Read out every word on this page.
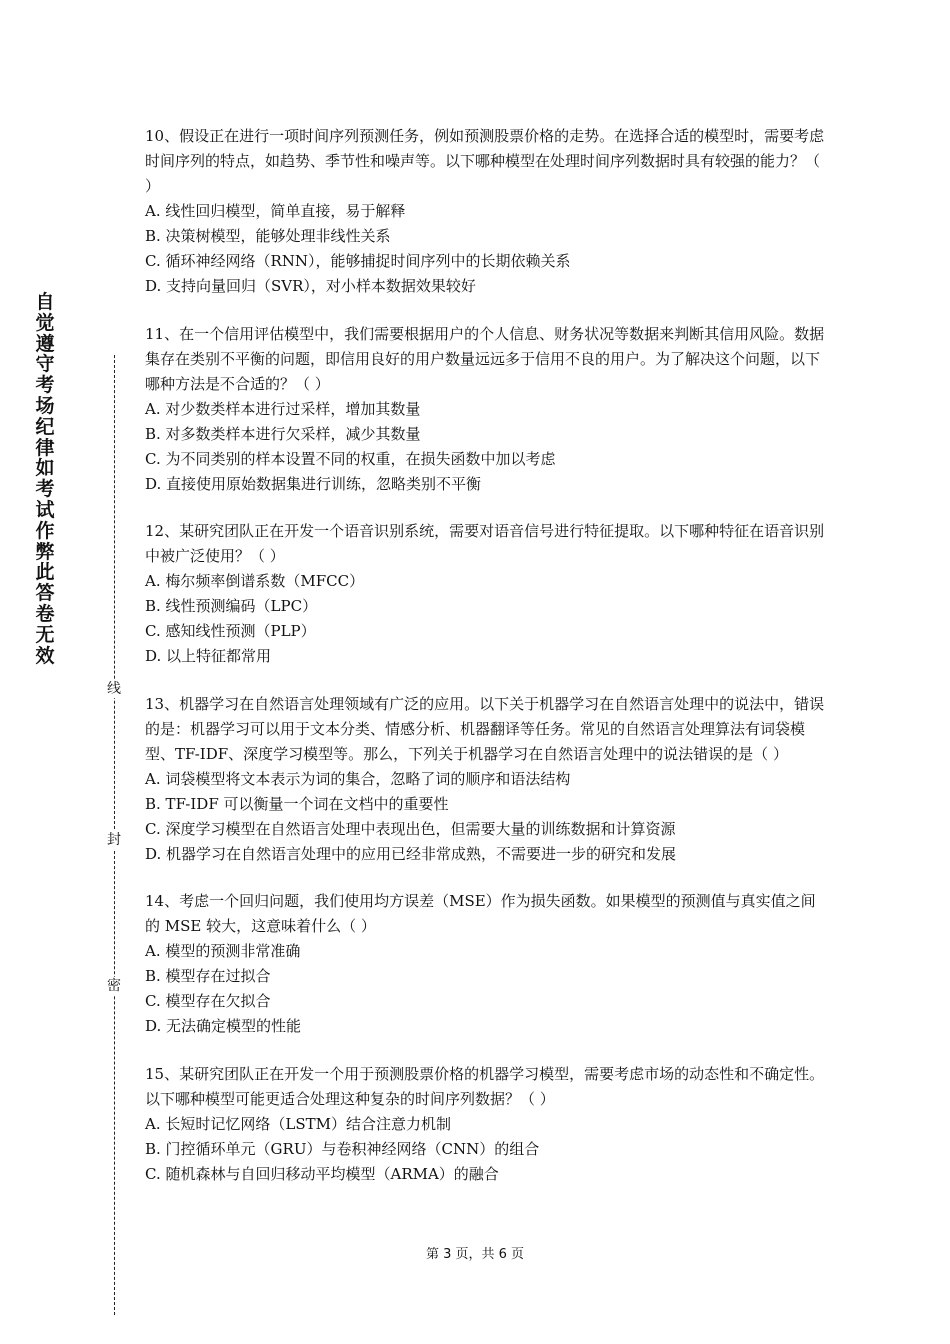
自
觉
遵
守
考
场
纪
律
如
考
试
作
弊
此
答
卷
无
效
线
封
密

10、假设正在进行一项时间序列预测任务，例如预测股票价格的走势。在选择合适的模型时，需要考虑时间序列的特点，如趋势、季节性和噪声等。以下哪种模型在处理时间序列数据时具有较强的能力？（ ）

A. 线性回归模型，简单直接，易于解释

B. 决策树模型，能够处理非线性关系

C. 循环神经网络（RNN），能够捕捉时间序列中的长期依赖关系

D. 支持向量回归（SVR），对小样本数据效果较好

11、在一个信用评估模型中，我们需要根据用户的个人信息、财务状况等数据来判断其信用风险。数据集存在类别不平衡的问题，即信用良好的用户数量远远多于信用不良的用户。为了解决这个问题，以下哪种方法是不合适的？（ ）

A. 对少数类样本进行过采样，增加其数量

B. 对多数类样本进行欠采样，减少其数量

C. 为不同类别的样本设置不同的权重，在损失函数中加以考虑

D. 直接使用原始数据集进行训练，忽略类别不平衡

12、某研究团队正在开发一个语音识别系统，需要对语音信号进行特征提取。以下哪种特征在语音识别中被广泛使用？（ ）

A. 梅尔频率倒谱系数（MFCC）

B. 线性预测编码（LPC）

C. 感知线性预测（PLP）

D. 以上特征都常用

13、机器学习在自然语言处理领域有广泛的应用。以下关于机器学习在自然语言处理中的说法中，错误的是：机器学习可以用于文本分类、情感分析、机器翻译等任务。常见的自然语言处理算法有词袋模型、TF-IDF、深度学习模型等。那么，下列关于机器学习在自然语言处理中的说法错误的是（ ）

A. 词袋模型将文本表示为词的集合，忽略了词的顺序和语法结构

B. TF-IDF 可以衡量一个词在文档中的重要性

C. 深度学习模型在自然语言处理中表现出色，但需要大量的训练数据和计算资源

D. 机器学习在自然语言处理中的应用已经非常成熟，不需要进一步的研究和发展

14、考虑一个回归问题，我们使用均方误差（MSE）作为损失函数。如果模型的预测值与真实值之间的 MSE 较大，这意味着什么（ ）

A. 模型的预测非常准确

B. 模型存在过拟合

C. 模型存在欠拟合

D. 无法确定模型的性能

15、某研究团队正在开发一个用于预测股票价格的机器学习模型，需要考虑市场的动态性和不确定性。以下哪种模型可能更适合处理这种复杂的时间序列数据？（ ）

A. 长短时记忆网络（LSTM）结合注意力机制

B. 门控循环单元（GRU）与卷积神经网络（CNN）的组合

C. 随机森林与自回归移动平均模型（ARMA）的融合

第 3 页，共 6 页
